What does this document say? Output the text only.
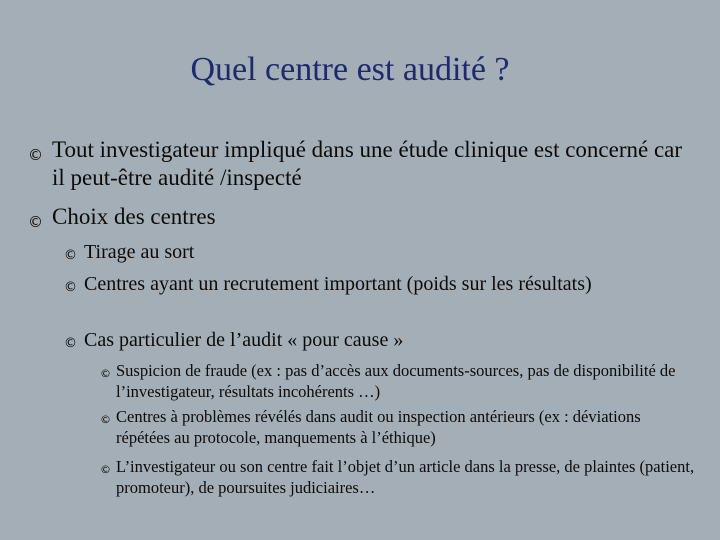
Quel centre est audité ?
© Tout investigateur impliqué dans une étude clinique est concerné car il peut-être audité /inspecté
© Choix des centres
© Tirage au sort
© Centres ayant un recrutement important (poids sur les résultats)
© Cas particulier de l’audit « pour cause »
© Suspicion de fraude (ex : pas d’accès aux documents-sources, pas de disponibilité de l’investigateur, résultats incohérents …)
© Centres à problèmes révélés dans audit ou inspection antérieurs (ex : déviations répétées au protocole, manquements à l’éthique)
© L’investigateur ou son centre fait l’objet d’un article dans la presse, de plaintes (patient, promoteur), de poursuites judiciaires…
